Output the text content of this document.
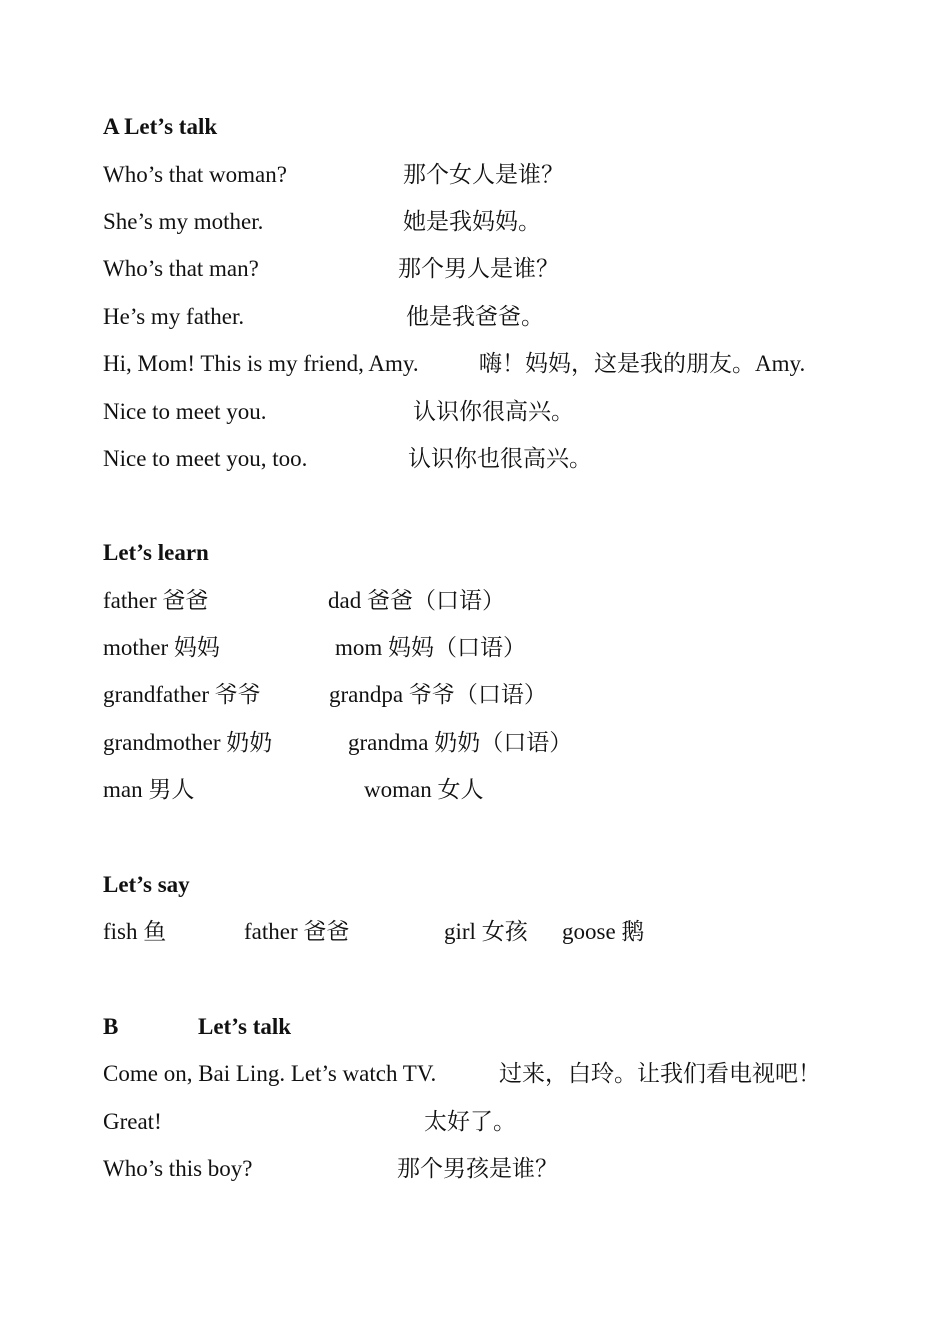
A Let’s talk
Who’s that woman?	那个女人是谁？
She’s my mother.	她是我妈妈。
Who’s that man?	那个男人是谁？
He’s my father.	他是我爸爸。
Hi, Mom! This is my friend, Amy.	嗨！妈妈，这是我的朋友。Amy.
Nice to meet you.	认识你很高兴。
Nice to meet you, too.	认识你也很高兴。
Let’s learn
father 爸爸	dad 爸爸（口语）
mother 妈妈	mom 妈妈（口语）
grandfather 爷爷	grandpa 爷爷（口语）
grandmother 奶奶	grandma 奶奶（口语）
man 男人	woman 女人
Let’s say
fish 鱼	father 爸爸	girl 女孩 goose 鹅
B	Let’s talk
Come on, Bai Ling. Let’s watch TV.	过来，白玲。让我们看电视吧！
Great!	太好了。
Who’s this boy?	那个男孩是谁？
